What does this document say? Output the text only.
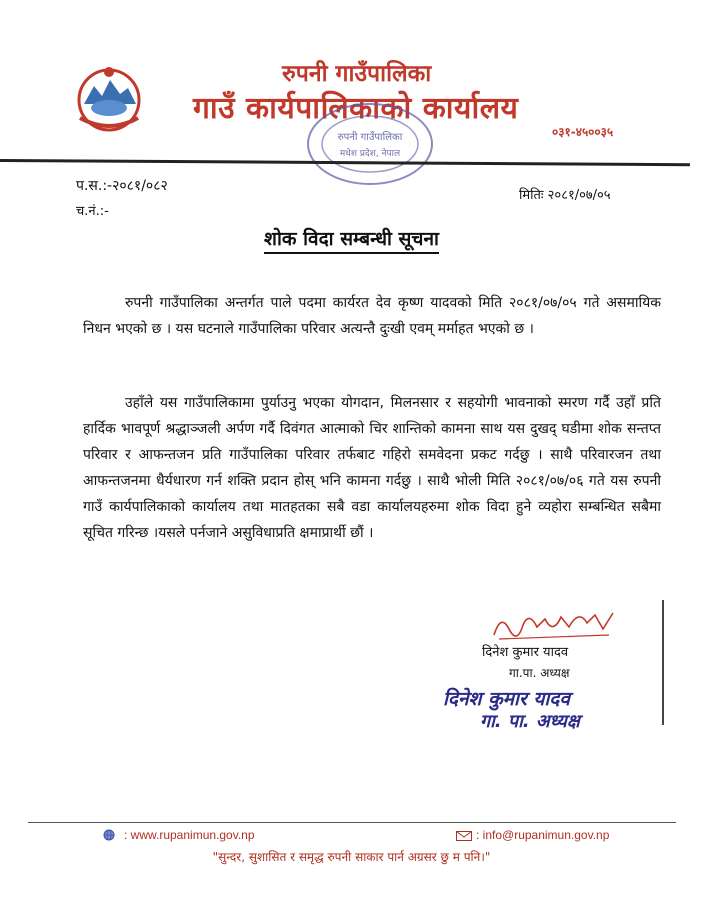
रुपनी गाउँपालिका
गाउँ कार्यपालिकाको कार्यालय
रुपनी गाउँपालिका
मधेश प्रदेश, नेपाल
०३१-४५००३५
प.स.:-२०८१/०८२
च.नं.:-
मितिः २०८१/०७/०५
शोक विदा सम्बन्धी सूचना
रुपनी गाउँपालिका अन्तर्गत पाले पदमा कार्यरत देव कृष्ण यादवको मिति २०८१/०७/०५ गते असमायिक निधन भएको छ । यस घटनाले गाउँपालिका परिवार अत्यन्तै दुःखी एवम् मर्माहत भएको छ ।
उहाँले यस गाउँपालिकामा पुर्याउनु भएका योगदान, मिलनसार र सहयोगी भावनाको स्मरण गर्दै उहाँ प्रति हार्दिक भावपूर्ण श्रद्धाञ्जली अर्पण गर्दै दिवंगत आत्माको चिर शान्तिको कामना साथ यस दुखद् घडीमा शोक सन्तप्त परिवार र आफन्तजन प्रति गाउँपालिका परिवार तर्फबाट गहिरो समवेदना प्रकट गर्दछु । साथै परिवारजन तथा आफन्तजनमा धैर्यधारण गर्न शक्ति प्रदान होस् भनि कामना गर्दछु । साथै भोली मिति २०८१/०७/०६ गते यस रुपनी गाउँ कार्यपालिकाको कार्यालय तथा मातहतका सबै वडा कार्यालयहरुमा शोक विदा हुने व्यहोरा सम्बन्धित सबैमा सूचित गरिन्छ ।यसले पर्नजाने असुविधाप्रति क्षमाप्रार्थी छौं ।
दिनेश कुमार यादव
गा.पा. अध्यक्ष
दिनेश कुमार यादव
गा. पा. अध्यक्ष
: www.rupanimun.gov.np	: info@rupanimun.gov.np
"सुन्दर, सुशासित र समृद्ध रुपनी साकार पार्न अग्रसर छु म पनि।"
